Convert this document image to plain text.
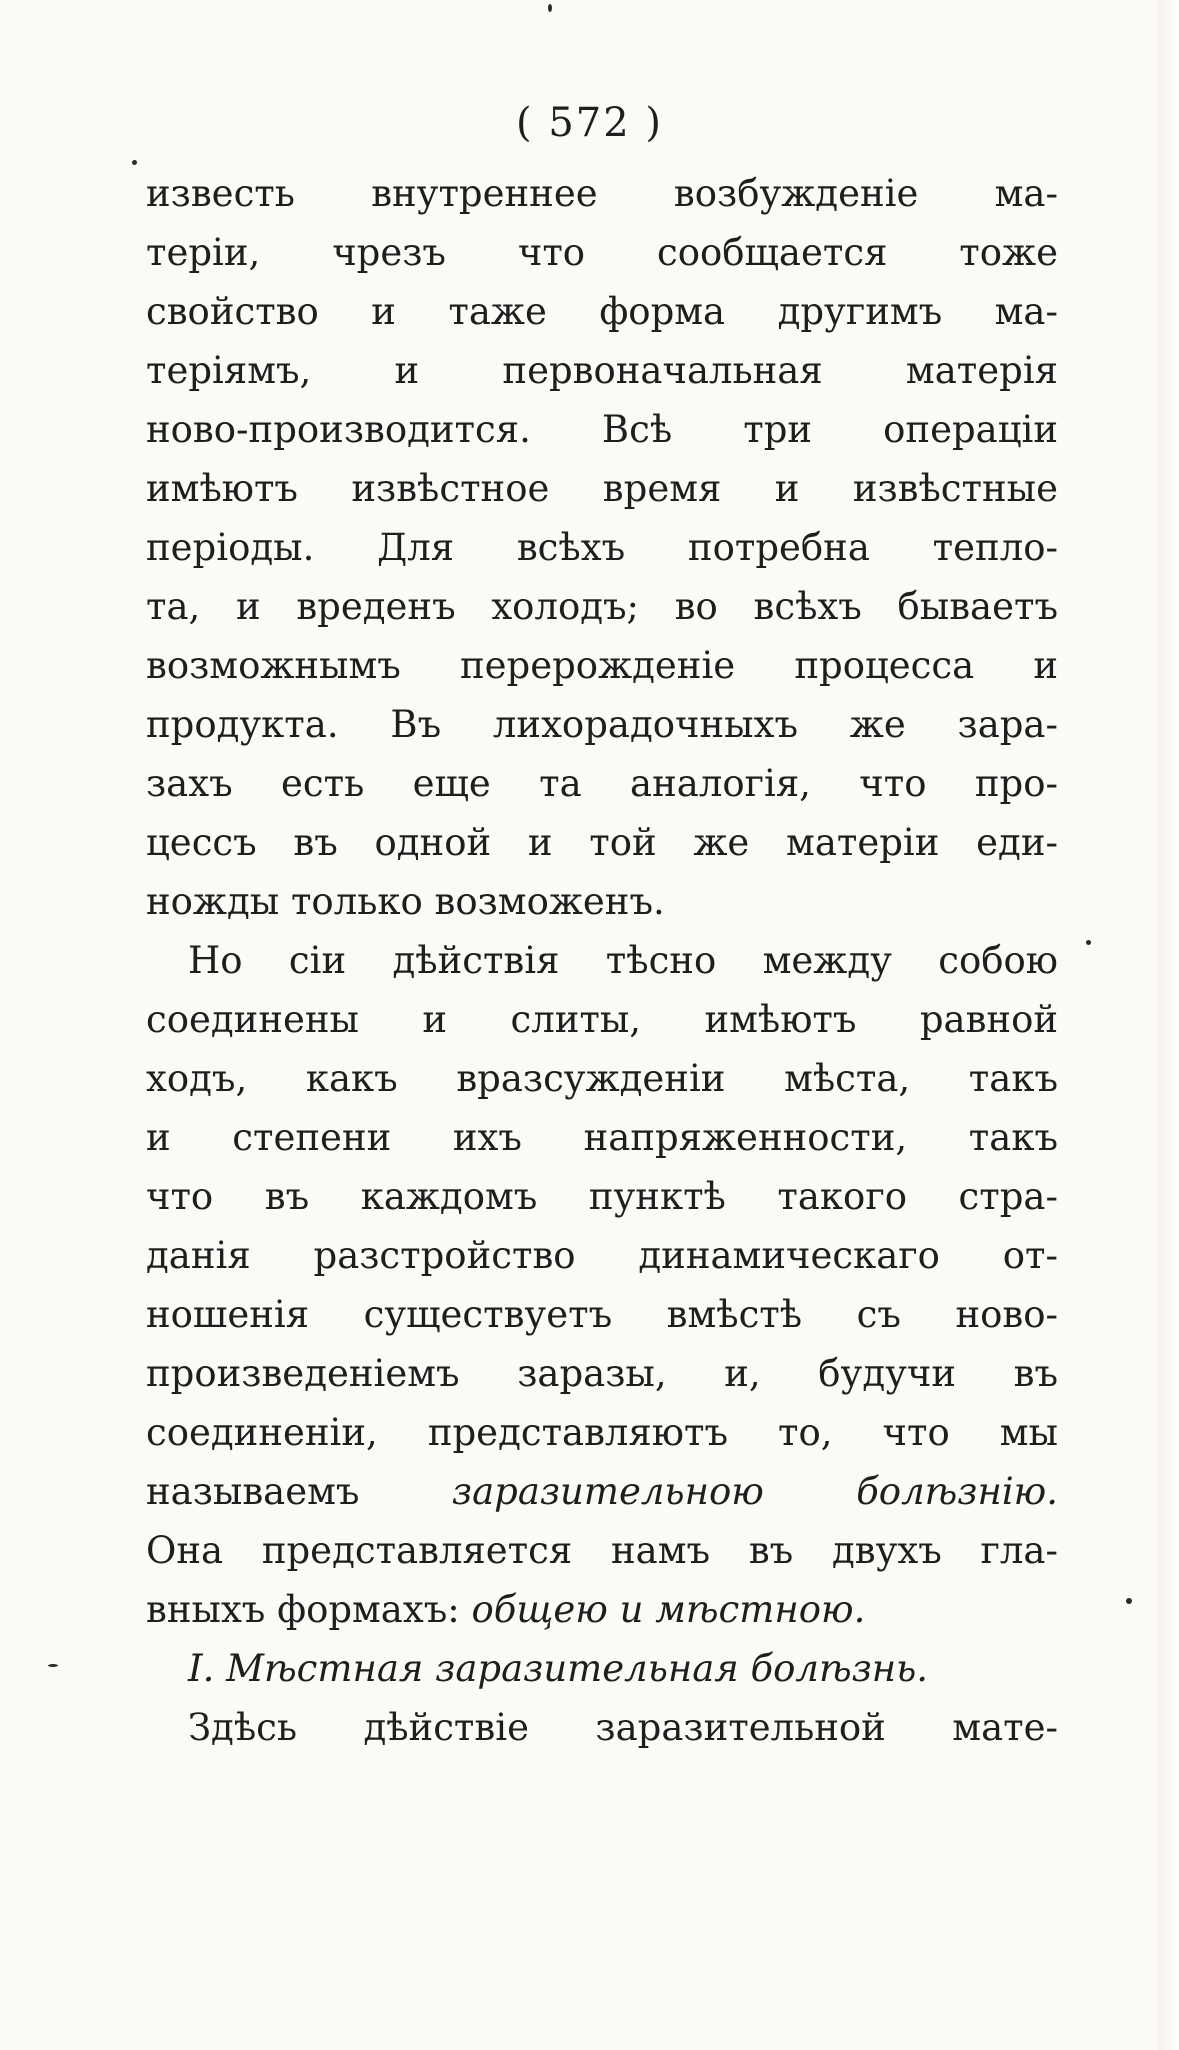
( 572 )
известь внутреннее возбужденіе ма-
теріи, чрезъ что сообщается тоже
свойство и таже форма другимъ ма-
теріямъ, и первоначальная матерія
ново-производится. Всѣ три операціи
имѣютъ извѣстное время и извѣстные
періоды. Для всѣхъ потребна тепло-
та, и вреденъ холодъ; во всѣхъ бываетъ
возможнымъ перерожденіе процесса и
продукта. Въ лихорадочныхъ же зара-
захъ есть еще та аналогія, что про-
цессъ въ одной и той же матеріи еди-
ножды только возможенъ.
Но сіи дѣйствія тѣсно между собою
соединены и слиты, имѣютъ равной
ходъ, какъ вразсужденіи мѣста, такъ
и степени ихъ напряженности, такъ
что въ каждомъ пунктѣ такого стра-
данія разстройство динамическаго от-
ношенія существуетъ вмѣстѣ съ ново-
произведеніемъ заразы, и, будучи въ
соединеніи, представляютъ то, что мы
называемъ заразительною болѣзнію.
Она представляется намъ въ двухъ гла-
вныхъ формахъ: общею и мѣстною.
I. Мѣстная заразительная болѣзнь.
Здѣсь дѣйствіе заразительной мате-
